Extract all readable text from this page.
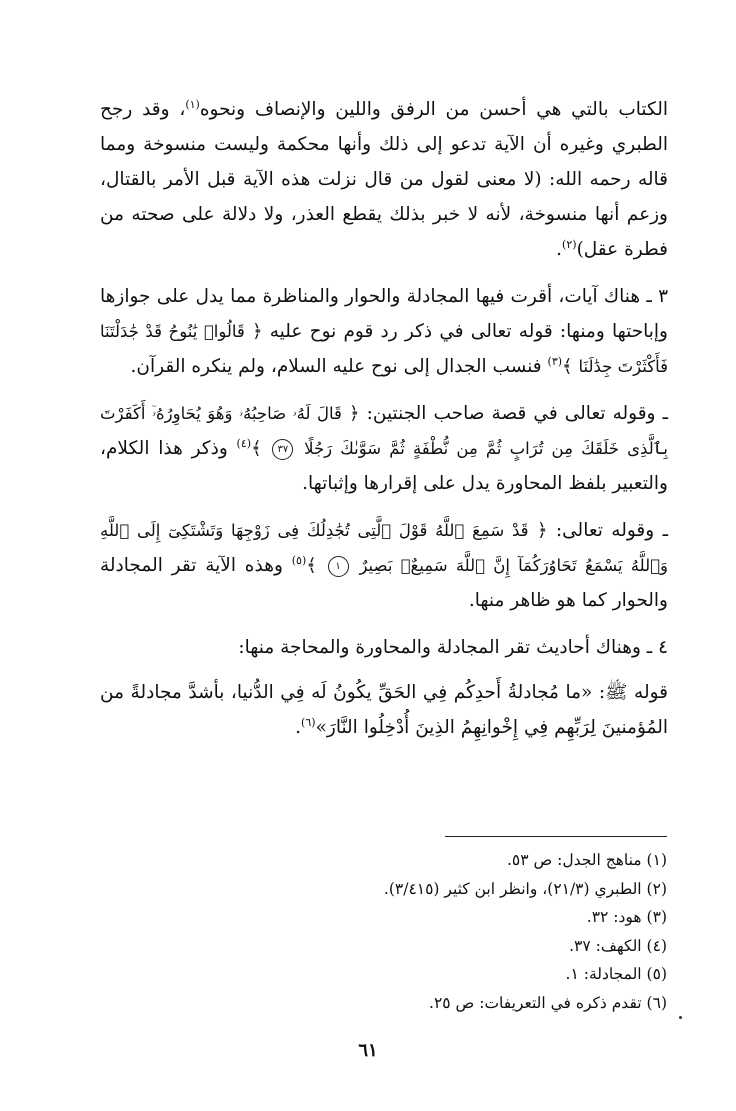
الكتاب بالتي هي أحسن من الرفق واللين والإنصاف ونحوه$^{(١)}$، وقد رجح الطبري وغيره أن الآية تدعو إلى ذلك وأنها محكمة وليست منسوخة ومما قاله رحمه الله: (لا معنى لقول من قال نزلت هذه الآية قبل الأمر بالقتال، وزعم أنها منسوخة، لأنه لا خبر بذلك يقطع العذر، ولا دلالة على صحته من فطرة عقل)$^{(٢)}$.

٣ ـ هناك آيات، أقرت فيها المجادلة والحوار والمناظرة مما يدل على جوازها وإباحتها ومنها: قوله تعالى في ذكر رد قوم نوح عليه ﴿ قَالُوا۟ يَٰنُوحُ قَدْ جَٰدَلْتَنَا فَأَكْثَرْتَ جِدَٰلَنَا ﴾$^{(٣)}$ فنسب الجدال إلى نوح عليه السلام، ولم ينكره القرآن.

ـ وقوله تعالى في قصة صاحب الجنتين: ﴿ قَالَ لَهُۥ صَاحِبُهُۥ وَهُوَ يُحَاوِرُهُۥٓ أَكَفَرْتَ بِٱلَّذِى خَلَقَكَ مِن تُرَابٍ ثُمَّ مِن نُّطْفَةٍ ثُمَّ سَوَّىٰكَ رَجُلًا ٣٧ ﴾$^{(٤)}$ وذكر هذا الكلام، والتعبير بلفظ المحاورة يدل على إقرارها وإثباتها.

ـ وقوله تعالى: ﴿ قَدْ سَمِعَ ٱللَّهُ قَوْلَ ٱلَّتِى تُجَٰدِلُكَ فِى زَوْجِهَا وَتَشْتَكِىٓ إِلَى ٱللَّهِ وَٱللَّهُ يَسْمَعُ تَحَاوُرَكُمَآ إِنَّ ٱللَّهَ سَمِيعٌۢ بَصِيرٌ ١ ﴾$^{(٥)}$ وهذه الآية تقر المجادلة والحوار كما هو ظاهر منها.

٤ ـ وهناك أحاديث تقر المجادلة والمحاورة والمحاجة منها:

قوله ﷺ: «ما مُجادلةُ أَحدِكُم فِي الحَقِّ يكُونُ لَه فِي الدُّنيا، بأشدَّ مجادلةً من المُؤمنينَ لِرَبِّهِم فِي إِخْوانِهِمُ الذِينَ أُدْخِلُوا النَّارَ»$^{(٦)}$.

(١) مناهج الجدل: ص ٥٣.
(٢) الطبري (٢١/٣)، وانظر ابن كثير (٣/٤١٥).
(٣) هود: ٣٢.
(٤) الكهف: ٣٧.
(٥) المجادلة: ١.
(٦) تقدم ذكره في التعريفات: ص ٢٥.
٦١
